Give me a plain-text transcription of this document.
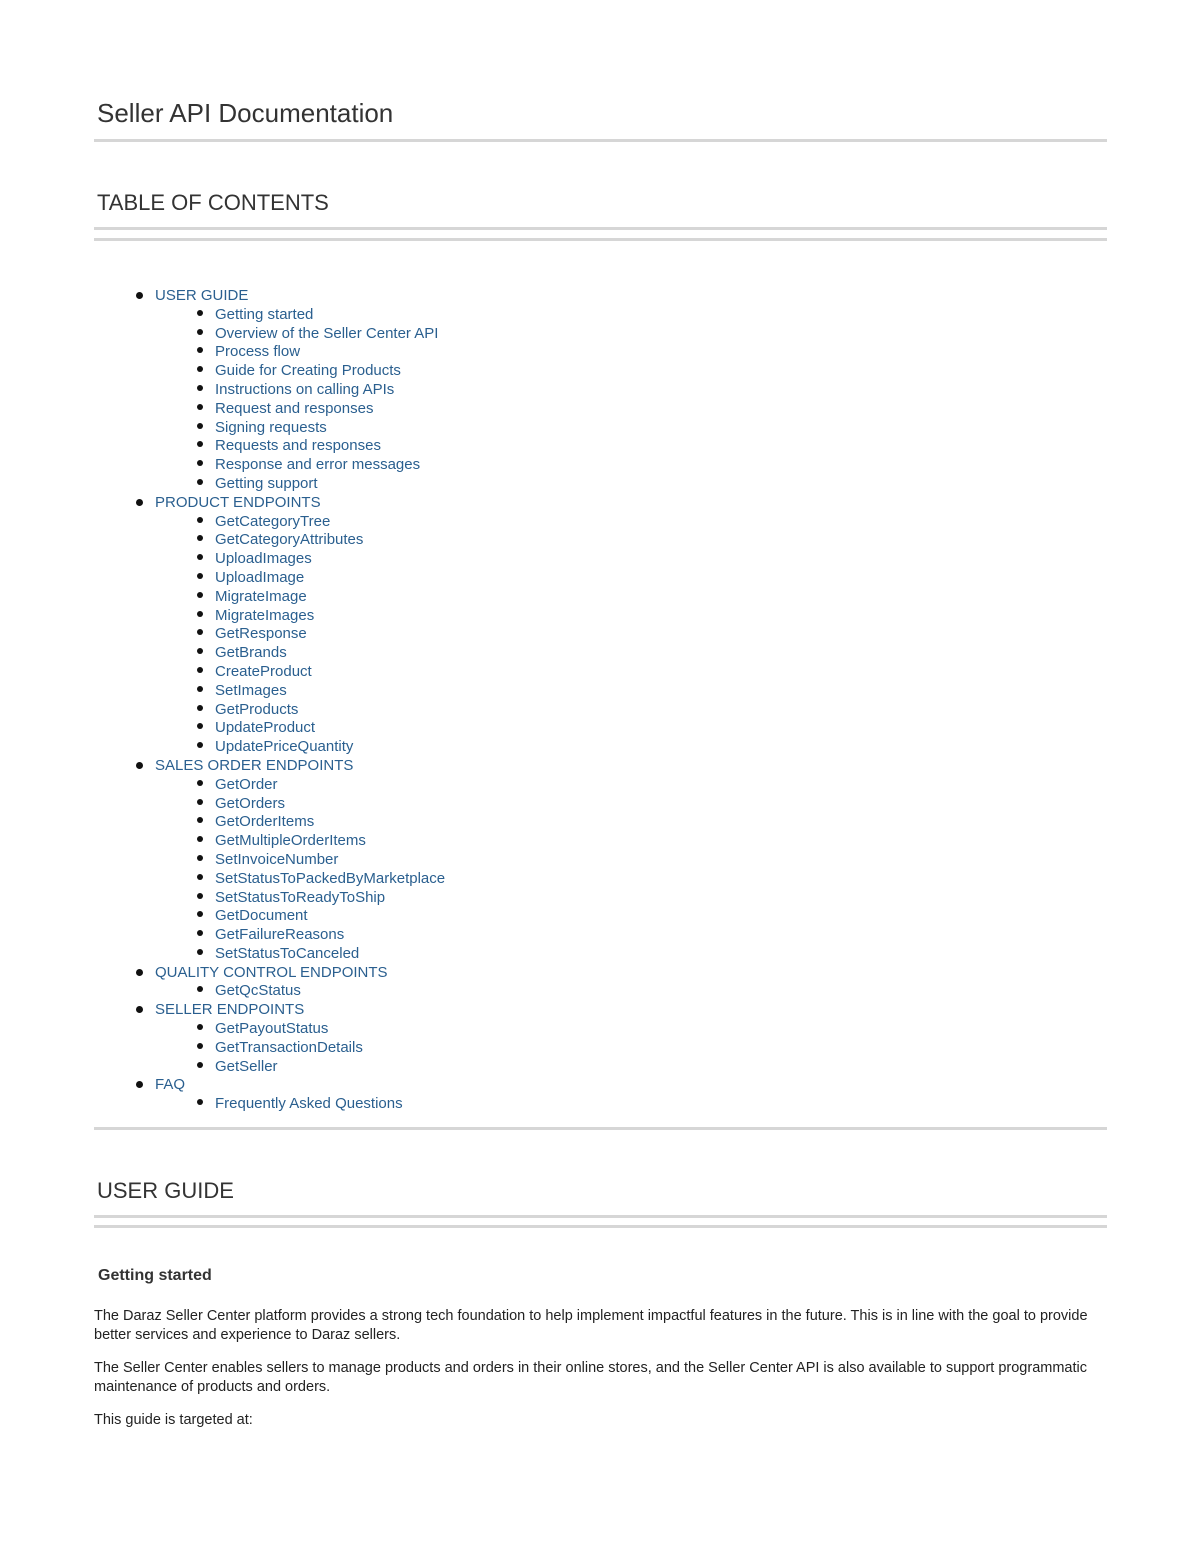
Seller API Documentation
TABLE OF CONTENTS
USER GUIDE
Getting started
Overview of the Seller Center API
Process flow
Guide for Creating Products
Instructions on calling APIs
Request and responses
Signing requests
Requests and responses
Response and error messages
Getting support
PRODUCT ENDPOINTS
GetCategoryTree
GetCategoryAttributes
UploadImages
UploadImage
MigrateImage
MigrateImages
GetResponse
GetBrands
CreateProduct
SetImages
GetProducts
UpdateProduct
UpdatePriceQuantity
SALES ORDER ENDPOINTS
GetOrder
GetOrders
GetOrderItems
GetMultipleOrderItems
SetInvoiceNumber
SetStatusToPackedByMarketplace
SetStatusToReadyToShip
GetDocument
GetFailureReasons
SetStatusToCanceled
QUALITY CONTROL ENDPOINTS
GetQcStatus
SELLER ENDPOINTS
GetPayoutStatus
GetTransactionDetails
GetSeller
FAQ
Frequently Asked Questions
USER GUIDE
Getting started

The Daraz Seller Center platform provides a strong tech foundation to help implement impactful features in the future. This is in line with the goal to provide better services and experience to Daraz sellers.

The Seller Center enables sellers to manage products and orders in their online stores, and the Seller Center API is also available to support programmatic maintenance of products and orders.

This guide is targeted at:
